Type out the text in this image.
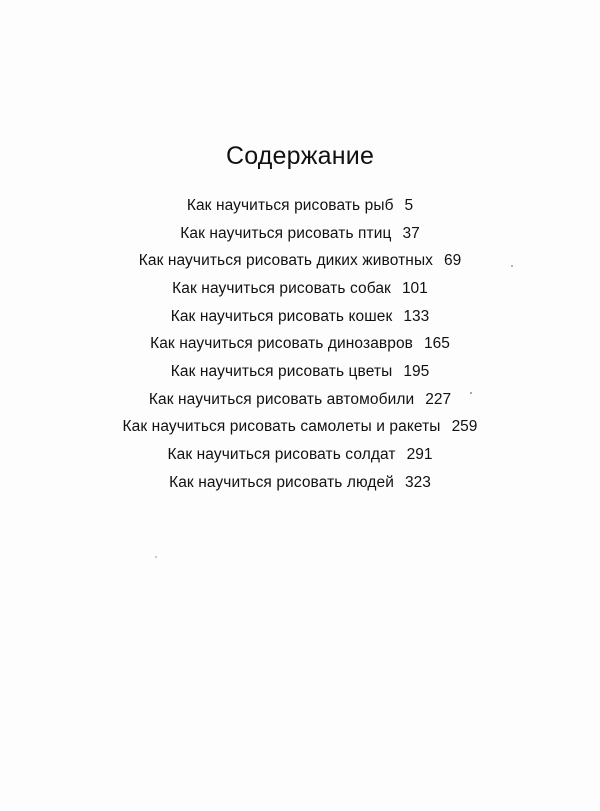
Содержание
Как научиться рисовать рыб 5
Как научиться рисовать птиц 37
Как научиться рисовать диких животных 69
Как научиться рисовать собак 101
Как научиться рисовать кошек 133
Как научиться рисовать динозавров 165
Как научиться рисовать цветы 195
Как научиться рисовать автомобили 227
Как научиться рисовать самолеты и ракеты 259
Как научиться рисовать солдат 291
Как научиться рисовать людей 323
